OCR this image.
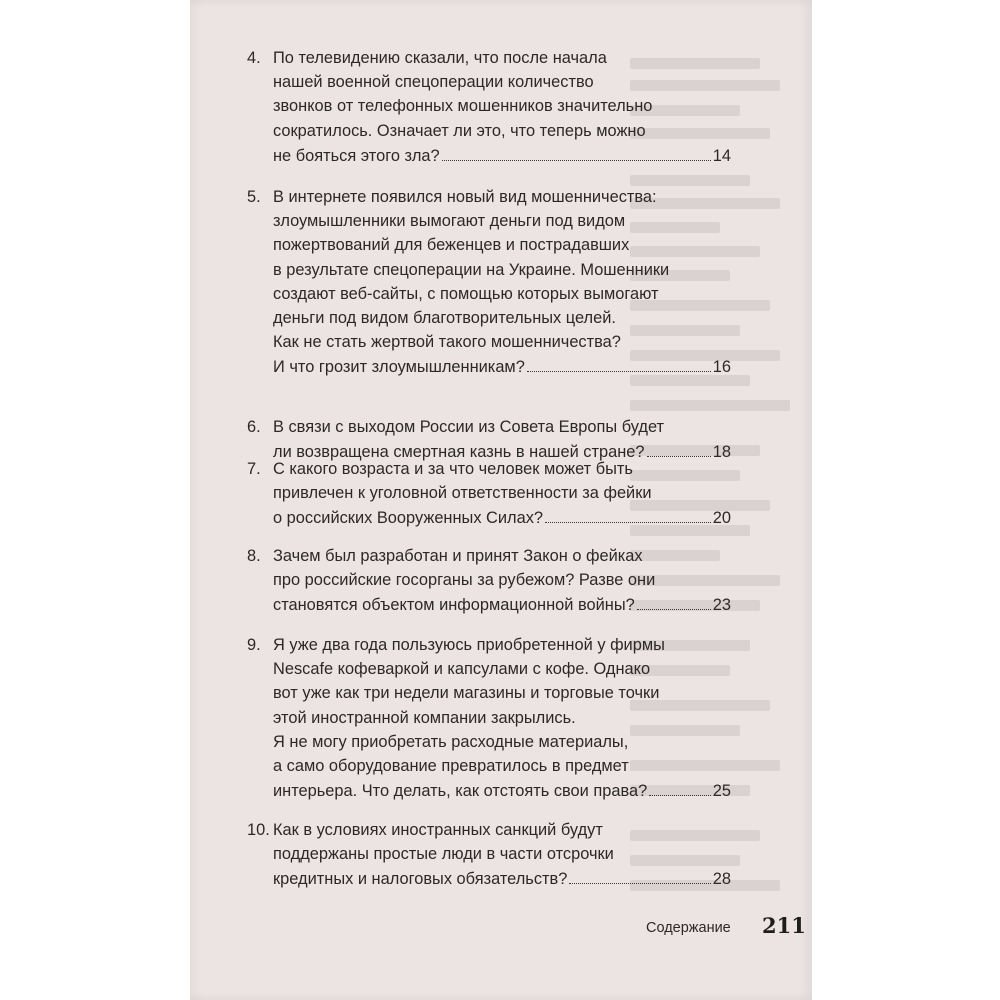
4. По телевидению сказали, что после начала
нашей военной спецоперации количество
звонков от телефонных мошенников значительно
сократилось. Означает ли это, что теперь можно
не бояться этого зла?	14
5. В интернете появился новый вид мошенничества:
злоумышленники вымогают деньги под видом
пожертвований для беженцев и пострадавших
в результате спецоперации на Украине. Мошенники
создают веб-сайты, с помощью которых вымогают
деньги под видом благотворительных целей.
Как не стать жертвой такого мошенничества?
И что грозит злоумышленникам?	16
6. В связи с выходом России из Совета Европы будет
ли возвращена смертная казнь в нашей стране?	18
7. С какого возраста и за что человек может быть
привлечен к уголовной ответственности за фейки
о российских Вооруженных Силах?	20
8. Зачем был разработан и принят Закон о фейках
про российские госорганы за рубежом? Разве они
становятся объектом информационной войны?	23
9. Я уже два года пользуюсь приобретенной у фирмы
Nescafe кофеваркой и капсулами с кофе. Однако
вот уже как три недели магазины и торговые точки
этой иностранной компании закрылись.
Я не могу приобретать расходные материалы,
а само оборудование превратилось в предмет
интерьера. Что делать, как отстоять свои права?	25
10. Как в условиях иностранных санкций будут
поддержаны простые люди в части отсрочки
кредитных и налоговых обязательств?	28
Содержание 211
